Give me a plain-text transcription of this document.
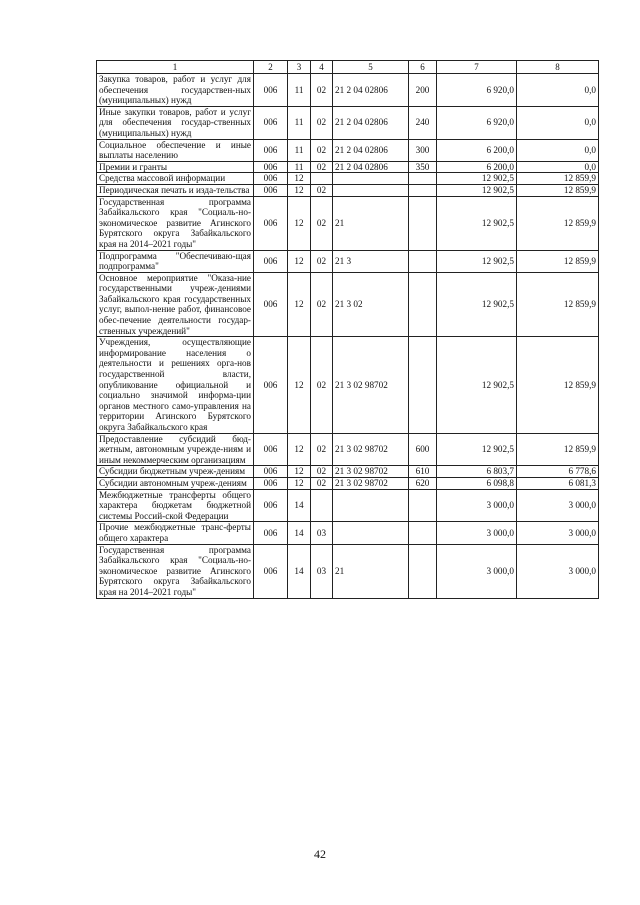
1	2	3	4	5	6	7	8
Закупка товаров, работ и услуг для обеспечения государствен-ных (муниципальных) нужд	006	11	02	21 2 04 02806	200	6 920,0	0,0
Иные закупки товаров, работ и услуг для обеспечения государ-ственных (муниципальных) нужд	006	11	02	21 2 04 02806	240	6 920,0	0,0
Социальное обеспечение и иные выплаты населению	006	11	02	21 2 04 02806	300	6 200,0	0,0
Премии и гранты	006	11	02	21 2 04 02806	350	6 200,0	0,0
Средства массовой информации	006	12				12 902,5	12 859,9
Периодическая печать и изда-тельства	006	12	02			12 902,5	12 859,9
Государственная программа Забайкальского края "Социаль-но-экономическое развитие Агинского Бурятского округа Забайкальского края на 2014–2021 годы"	006	12	02	21		12 902,5	12 859,9
Подпрограмма "Обеспечиваю-щая подпрограмма"	006	12	02	21 3		12 902,5	12 859,9
Основное мероприятие "Оказа-ние государственными учреж-дениями Забайкальского края государственных услуг, выпол-нение работ, финансовое обес-печение деятельности государ-ственных учреждений"	006	12	02	21 3 02		12 902,5	12 859,9
Учреждения, осуществляющие информирование населения о деятельности и решениях орга-нов государственной власти, опубликование официальной и социально значимой информа-ции органов местного само-управления на территории Агинского Бурятского округа Забайкальского края	006	12	02	21 3 02 98702		12 902,5	12 859,9
Предоставление субсидий бюд-жетным, автономным учрежде-ниям и иным некоммерческим организациям	006	12	02	21 3 02 98702	600	12 902,5	12 859,9
Субсидии бюджетным учреж-дениям	006	12	02	21 3 02 98702	610	6 803,7	6 778,6
Субсидии автономным учреж-дениям	006	12	02	21 3 02 98702	620	6 098,8	6 081,3
Межбюджетные трансферты общего характера бюджетам бюджетной системы Россий-ской Федерации	006	14				3 000,0	3 000,0
Прочие межбюджетные транс-ферты общего характера	006	14	03			3 000,0	3 000,0
Государственная программа Забайкальского края "Социаль-но-экономическое развитие Агинского Бурятского округа Забайкальского края на 2014–2021 годы"	006	14	03	21		3 000,0	3 000,0
42
